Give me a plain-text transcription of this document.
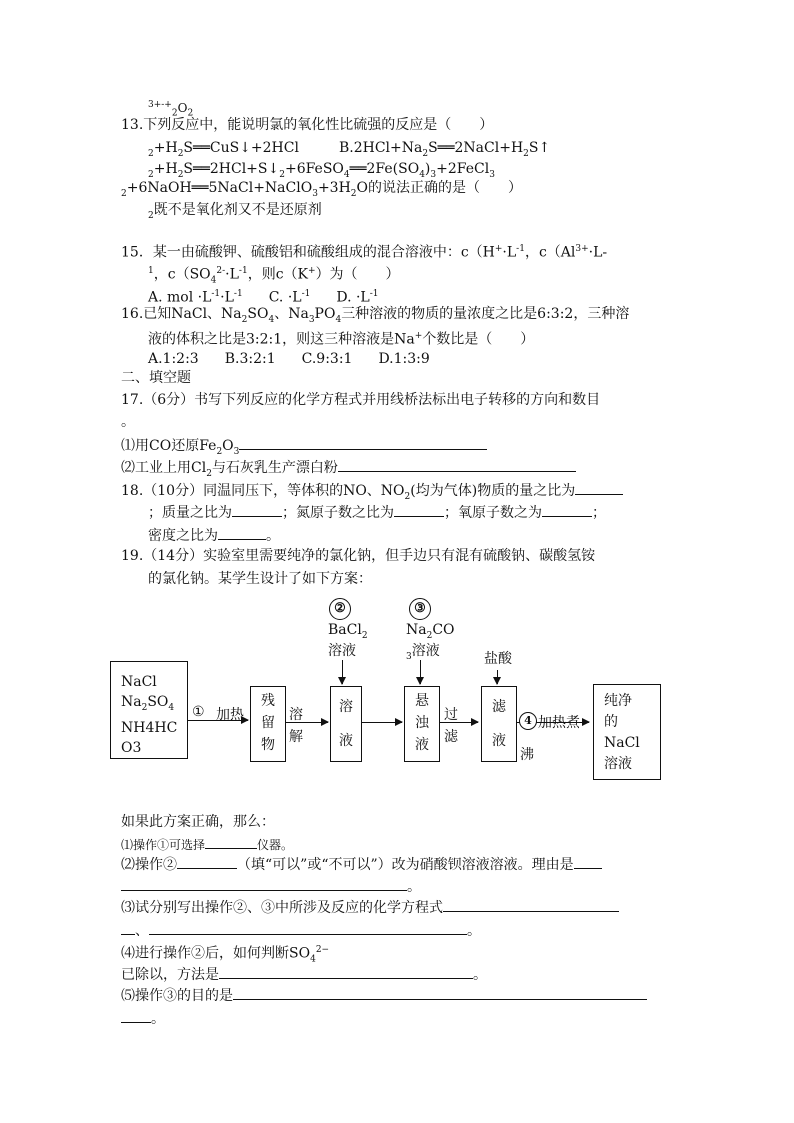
$^{3+-+}_2O_2$
13.下列反应中，能说明氯的氧化性比硫强的反应是（　　）
$_2+H_2S══CuS↓+2HCl$	$B.2HCl+Na_2S══2NaCl+H_2S↑$
$_2+H_2S══2HCl+S↓_2+6FeSO_4══2Fe(SO_4)_3+2FeCl_3$
$_2+6NaOH══5NaCl+NaClO_3+3H_2O$的说法正确的是（　　）
$_2$既不是氧化剂又不是还原剂
15．某一由硫酸钾、硫酸铝和硫酸组成的混合溶液中：$c(H^+\cdot L^{-1}$，$c(Al^{3+}\cdot L-$
$^1$，$c(SO_4^{2-}\cdot L^{-1}$，则c（K+）为（　　）
A. mol $\cdot L^{-1}\cdot L^{-1}$ C. $\cdot L^{-1}$ D. $\cdot L^{-1}$
16.已知NaCl、$Na_2SO_4$、$Na_3PO_4$三种溶液的物质的量浓度之比是6:3:2，三种溶
液的体积之比是3:2:1，则这三种溶液是Na+个数比是（　　）
A.1:2:3 B.3:2:1 C.9:3:1 D.1:3:9
二、填空题
17.（6分）书写下列反应的化学方程式并用线桥法标出电子转移的方向和数目
。
⑴用CO还原$Fe_2O_3$
⑵工业上用$Cl_2$与石灰乳生产漂白粉
18.（10分）同温同压下，等体积的NO、$NO_2$(均为气体)物质的量之比为
；质量之比为	；氮原子数之比为	；氧原子数之为	；
密度之比为	。
19.（14分）实验室里需要纯净的氯化钠，但手边只有混有硫酸钠、碳酸氢铵
的氯化钠。某学生设计了如下方案：
NaCl
$Na_2SO_4$
NH4HC
O3
① 加热
残
留
物
溶
解
②
BaCl$_2$
溶液
溶
液
③
$Na_2CO$
$_3$溶液
悬
浊
液
过
滤
盐酸
滤
液
4 加热煮
沸
纯净
的
NaCl
溶液
如果此方案正确，那么：
⑴操作①可选择	仪器。
⑵操作②	（填“可以”或“不可以”）改为硝酸钡溶液溶液。理由是
。
⑶试分别写出操作②、③中所涉及反应的化学方程式
、	。
⑷进行操作②后，如何判断$SO_4^{2-}$
已除以，方法是	。
⑸操作③的目的是
。
